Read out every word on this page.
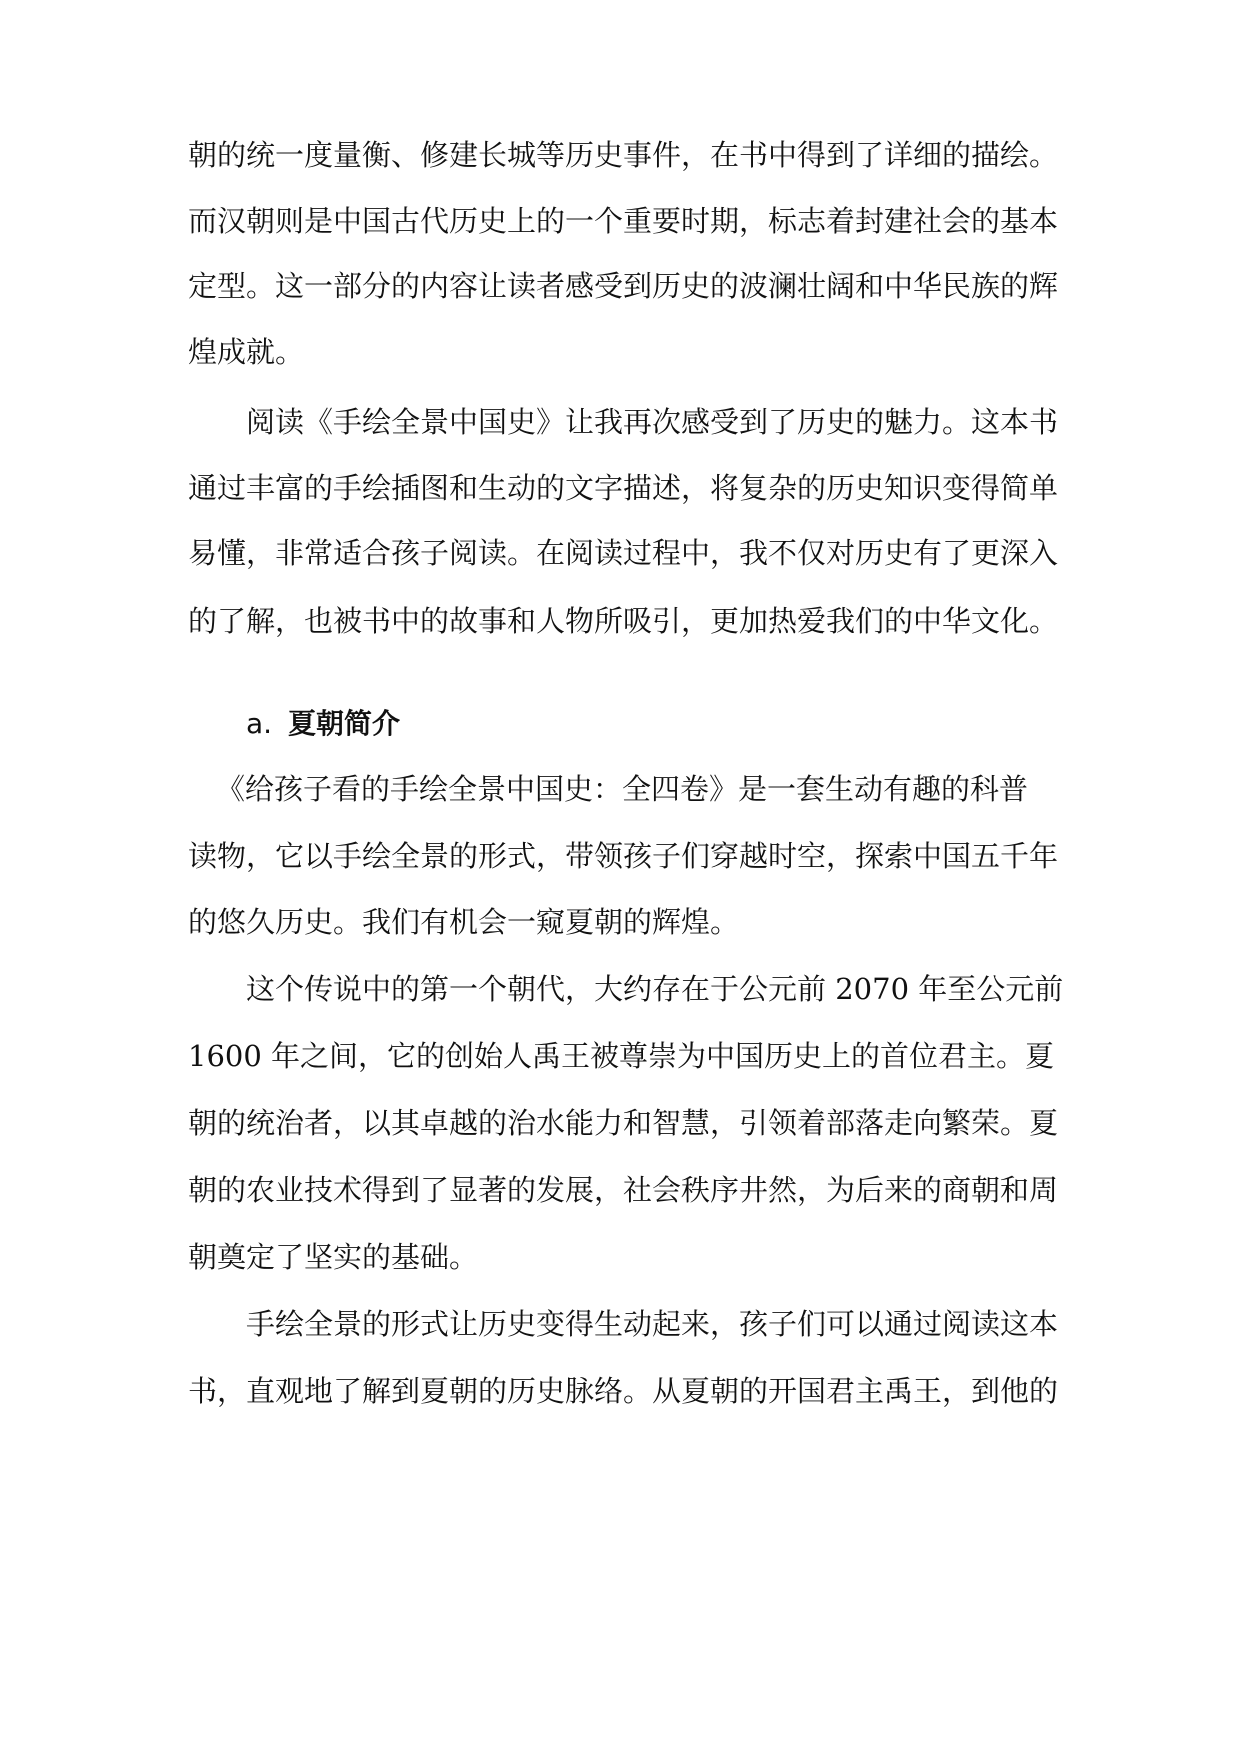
朝的统一度量衡、修建长城等历史事件，在书中得到了详细的描绘。

而汉朝则是中国古代历史上的一个重要时期，标志着封建社会的基本

定型。这一部分的内容让读者感受到历史的波澜壮阔和中华民族的辉

煌成就。

阅读《手绘全景中国史》让我再次感受到了历史的魅力。这本书

通过丰富的手绘插图和生动的文字描述，将复杂的历史知识变得简单

易懂，非常适合孩子阅读。在阅读过程中，我不仅对历史有了更深入

的了解，也被书中的故事和人物所吸引，更加热爱我们的中华文化。

a. 夏朝简介

《给孩子看的手绘全景中国史：全四卷》是一套生动有趣的科普

读物，它以手绘全景的形式，带领孩子们穿越时空，探索中国五千年

的悠久历史。我们有机会一窥夏朝的辉煌。

这个传说中的第一个朝代，大约存在于公元前 2070 年至公元前

1600 年之间，它的创始人禹王被尊崇为中国历史上的首位君主。夏

朝的统治者，以其卓越的治水能力和智慧，引领着部落走向繁荣。夏

朝的农业技术得到了显著的发展，社会秩序井然，为后来的商朝和周

朝奠定了坚实的基础。

手绘全景的形式让历史变得生动起来，孩子们可以通过阅读这本

书，直观地了解到夏朝的历史脉络。从夏朝的开国君主禹王，到他的
